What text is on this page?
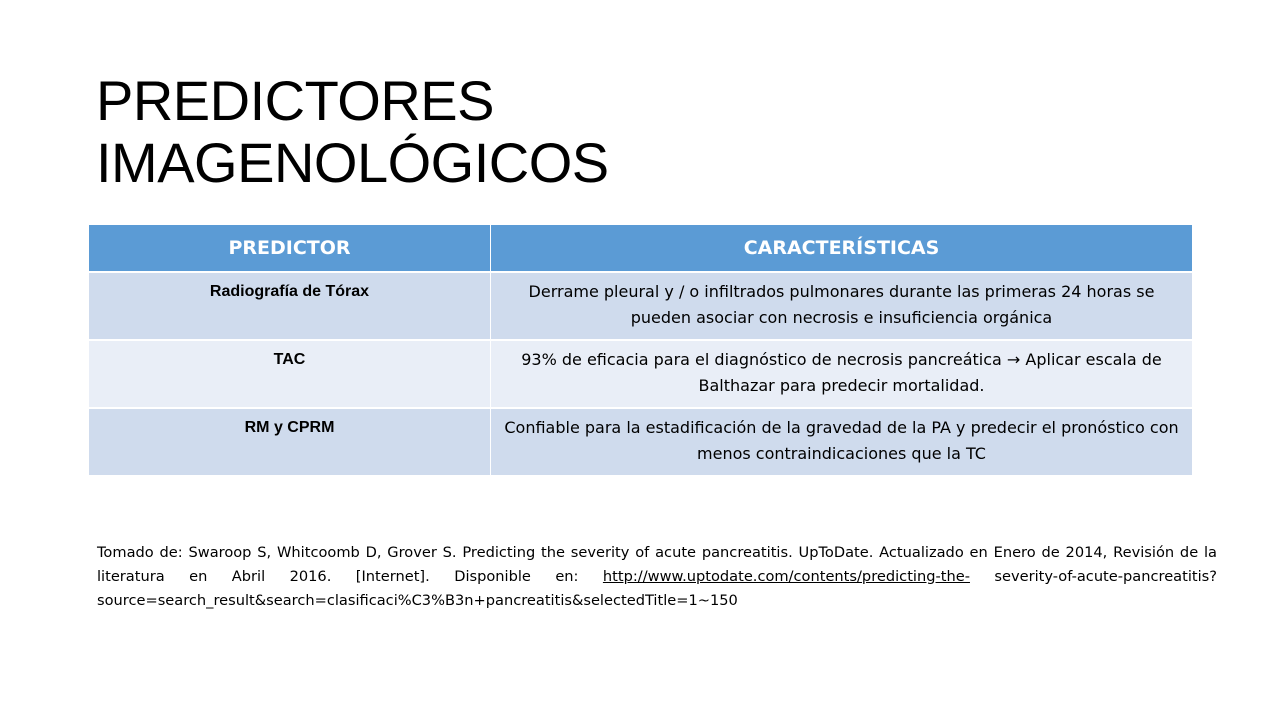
PREDICTORES
IMAGENOLÓGICOS
PREDICTOR	CARACTERÍSTICAS
Radiografía de Tórax	Derrame pleural y / o infiltrados pulmonares durante las primeras 24 horas se pueden asociar con necrosis e insuficiencia orgánica
TAC	93% de eficacia para el diagnóstico de necrosis pancreática → Aplicar escala de Balthazar para predecir mortalidad.
RM y CPRM	Confiable para la estadificación de la gravedad de la PA y predecir el pronóstico con menos contraindicaciones que la TC

Tomado de: Swaroop S, Whitcoomb D, Grover S. Predicting the severity of acute pancreatitis. UpToDate. Actualizado en Enero de 2014, Revisión de la literatura en Abril 2016. [Internet]. Disponible en: http://www.uptodate.com/contents/predicting-the- severity-of-acute-pancreatitis?source=search_result&search=clasificaci%C3%B3n+pancreatitis&selectedTitle=1~150
